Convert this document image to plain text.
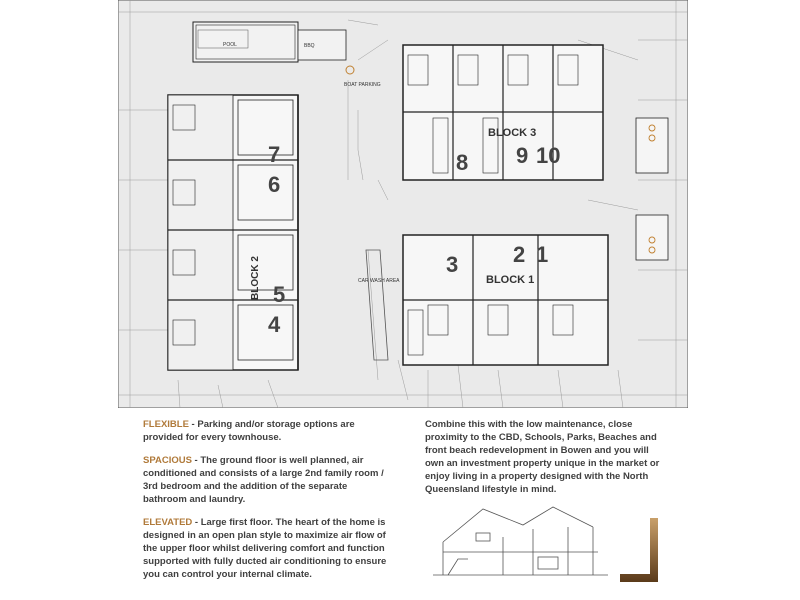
POOL	BBQ
BOAT PARKING
BLOCK 2
7
6
5
4
BLOCK 3
8 9 10
BLOCK 1
3 2 1
CAR WASH AREA

FLEXIBLE - Parking and/or storage options are provided for every townhouse.

SPACIOUS - The ground floor is well planned, air conditioned and consists of a large 2nd family room / 3rd bedroom and the addition of the separate bathroom and laundry.

ELEVATED - Large first floor. The heart of the home is designed in an open plan style to maximize air flow of the upper floor whilst delivering comfort and function supported with fully ducted air conditioning to ensure you can control your internal climate.

Combine this with the low maintenance, close proximity to the CBD, Schools, Parks, Beaches and front beach redevelopment in Bowen and you will own an investment property unique in the market or enjoy living in a property designed with the North Queensland lifestyle in mind.
